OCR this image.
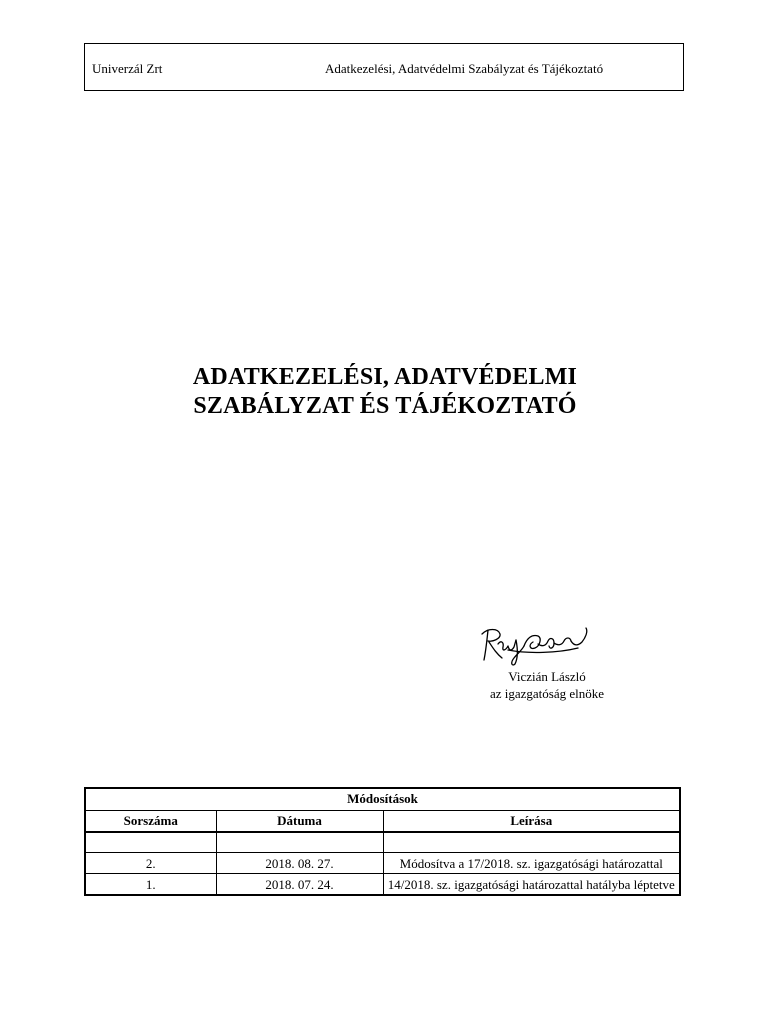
Univerzál Zrt	Adatkezelési, Adatvédelmi Szabályzat és Tájékoztató
ADATKEZELÉSI, ADATVÉDELMI
SZABÁLYZAT ÉS TÁJÉKOZTATÓ
Viczián László
az igazgatóság elnöke
Módosítások		
Sorszáma	Dátuma	Leírása

2.	2018. 08. 27.	Módosítva a 17/2018. sz. igazgatósági határozattal
1.	2018. 07. 24.	14/2018. sz. igazgatósági határozattal hatályba léptetve
